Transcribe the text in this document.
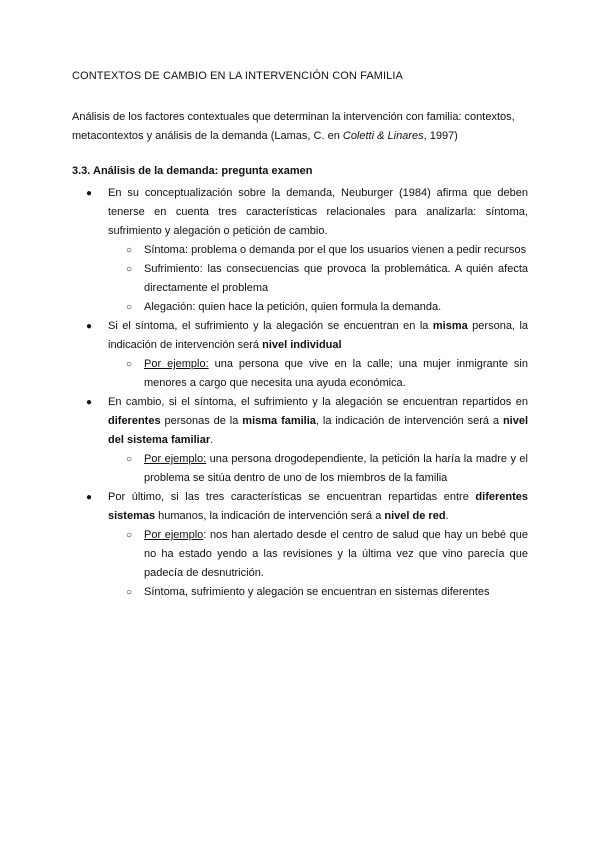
CONTEXTOS DE CAMBIO EN LA INTERVENCIÓN CON FAMILIA
Análisis de los factores contextuales que determinan la intervención con familia: contextos, metacontextos y análisis de la demanda (Lamas, C. en Coletti & Linares, 1997)
3.3. Análisis de la demanda: pregunta examen
● En su conceptualización sobre la demanda, Neuburger (1984) afirma que deben tenerse en cuenta tres características relacionales para analizarla: síntoma, sufrimiento y alegación o petición de cambio.
○ Síntoma: problema o demanda por el que los usuarios vienen a pedir recursos
○ Sufrimiento: las consecuencias que provoca la problemática. A quién afecta directamente el problema
○ Alegación: quien hace la petición, quien formula la demanda.
● Si el síntoma, el sufrimiento y la alegación se encuentran en la misma persona, la indicación de intervención será nivel individual
○ Por ejemplo: una persona que vive en la calle; una mujer inmigrante sin menores a cargo que necesita una ayuda económica.
● En cambio, si el síntoma, el sufrimiento y la alegación se encuentran repartidos en diferentes personas de la misma familia, la indicación de intervención será a nivel del sistema familiar.
○ Por ejemplo: una persona drogodependiente, la petición la haría la madre y el problema se sitúa dentro de uno de los miembros de la familia
● Por último, si las tres características se encuentran repartidas entre diferentes sistemas humanos, la indicación de intervención será a nivel de red.
○ Por ejemplo: nos han alertado desde el centro de salud que hay un bebé que no ha estado yendo a las revisiones y la última vez que vino parecía que padecía de desnutrición.
○ Síntoma, sufrimiento y alegación se encuentran en sistemas diferentes
